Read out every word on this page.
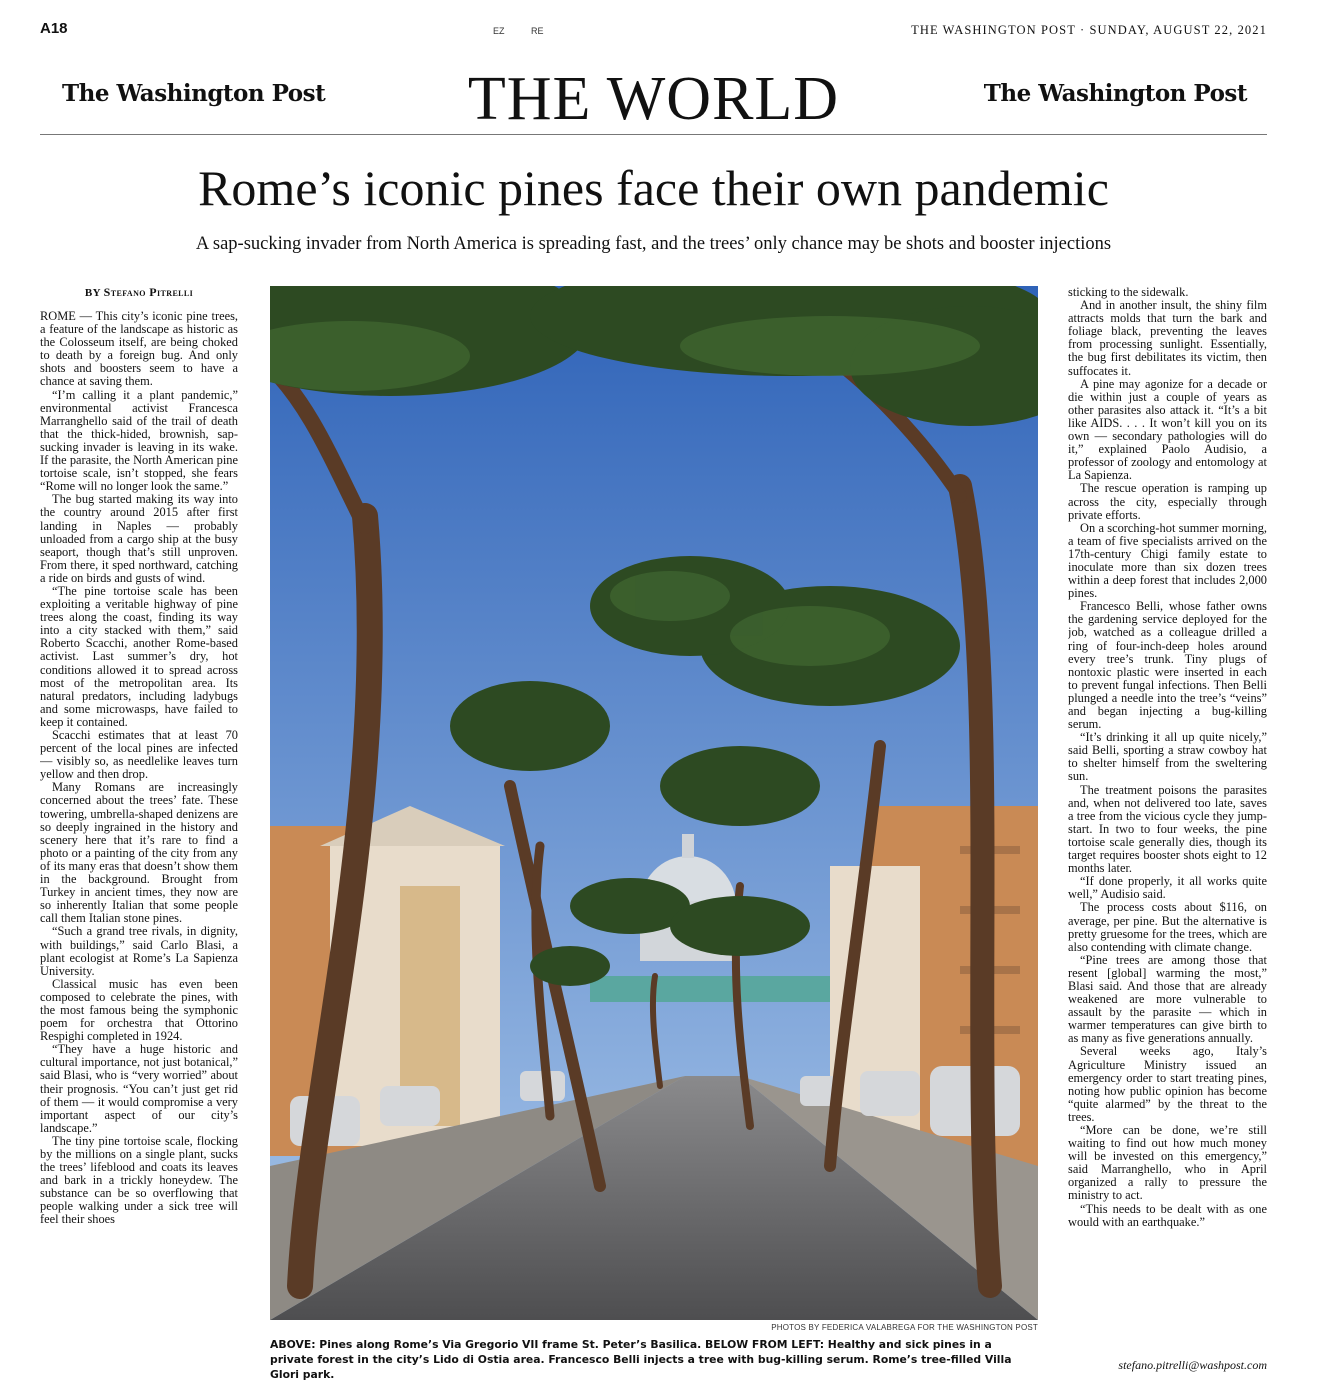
A18	EZ	RE	THE WASHINGTON POST · SUNDAY, AUGUST 22, 2021
The Washington Post	THE WORLD	The Washington Post
Rome’s iconic pines face their own pandemic
A sap-sucking invader from North America is spreading fast, and the trees’ only chance may be shots and booster injections
BY Stefano Pitrelli

ROME — This city’s iconic pine trees, a feature of the landscape as historic as the Colosseum itself, are being choked to death by a foreign bug. And only shots and boosters seem to have a chance at saving them.

“I’m calling it a plant pandemic,” environmental activist Francesca Marranghello said of the trail of death that the thick-hided, brownish, sap-sucking invader is leaving in its wake. If the parasite, the North American pine tortoise scale, isn’t stopped, she fears “Rome will no longer look the same.”

The bug started making its way into the country around 2015 after first landing in Naples — probably unloaded from a cargo ship at the busy seaport, though that’s still unproven. From there, it sped northward, catching a ride on birds and gusts of wind.

“The pine tortoise scale has been exploiting a veritable highway of pine trees along the coast, finding its way into a city stacked with them,” said Roberto Scacchi, another Rome-based activist. Last summer’s dry, hot conditions allowed it to spread across most of the metropolitan area. Its natural predators, including ladybugs and some microwasps, have failed to keep it contained.

Scacchi estimates that at least 70 percent of the local pines are infected — visibly so, as needlelike leaves turn yellow and then drop.

Many Romans are increasingly concerned about the trees’ fate. These towering, umbrella-shaped denizens are so deeply ingrained in the history and scenery here that it’s rare to find a photo or a painting of the city from any of its many eras that doesn’t show them in the background. Brought from Turkey in ancient times, they now are so inherently Italian that some people call them Italian stone pines.

“Such a grand tree rivals, in dignity, with buildings,” said Carlo Blasi, a plant ecologist at Rome’s La Sapienza University.

Classical music has even been composed to celebrate the pines, with the most famous being the symphonic poem for orchestra that Ottorino Respighi completed in 1924.

“They have a huge historic and cultural importance, not just botanical,” said Blasi, who is “very worried” about their prognosis. “You can’t just get rid of them — it would compromise a very important aspect of our city’s landscape.”

The tiny pine tortoise scale, flocking by the millions on a single plant, sucks the trees’ lifeblood and coats its leaves and bark in a trickly honeydew. The substance can be so overflowing that people walking under a sick tree will feel their shoes

PHOTOS BY FEDERICA VALABREGA FOR THE WASHINGTON POST
ABOVE: Pines along Rome’s Via Gregorio VII frame St. Peter’s Basilica. BELOW FROM LEFT: Healthy and sick pines in a private forest in the city’s Lido di Ostia area. Francesco Belli injects a tree with bug-killing serum. Rome’s tree-filled Villa Glori park.

sticking to the sidewalk.

And in another insult, the shiny film attracts molds that turn the bark and foliage black, preventing the leaves from processing sunlight. Essentially, the bug first debilitates its victim, then suffocates it.

A pine may agonize for a decade or die within just a couple of years as other parasites also attack it. “It’s a bit like AIDS. . . . It won’t kill you on its own — secondary pathologies will do it,” explained Paolo Audisio, a professor of zoology and entomology at La Sapienza.

The rescue operation is ramping up across the city, especially through private efforts.

On a scorching-hot summer morning, a team of five specialists arrived on the 17th-century Chigi family estate to inoculate more than six dozen trees within a deep forest that includes 2,000 pines.

Francesco Belli, whose father owns the gardening service deployed for the job, watched as a colleague drilled a ring of four-inch-deep holes around every tree’s trunk. Tiny plugs of nontoxic plastic were inserted in each to prevent fungal infections. Then Belli plunged a needle into the tree’s “veins” and began injecting a bug-killing serum.

“It’s drinking it all up quite nicely,” said Belli, sporting a straw cowboy hat to shelter himself from the sweltering sun.

The treatment poisons the parasites and, when not delivered too late, saves a tree from the vicious cycle they jump-start. In two to four weeks, the pine tortoise scale generally dies, though its target requires booster shots eight to 12 months later.

“If done properly, it all works quite well,” Audisio said.

The process costs about $116, on average, per pine. But the alternative is pretty gruesome for the trees, which are also contending with climate change.

“Pine trees are among those that resent [global] warming the most,” Blasi said. And those that are already weakened are more vulnerable to assault by the parasite — which in warmer temperatures can give birth to as many as five generations annually.

Several weeks ago, Italy’s Agriculture Ministry issued an emergency order to start treating pines, noting how public opinion has become “quite alarmed” by the threat to the trees.

“More can be done, we’re still waiting to find out how much money will be invested on this emergency,” said Marranghello, who in April organized a rally to pressure the ministry to act.

“This needs to be dealt with as one would with an earthquake.”

stefano.pitrelli@washpost.com
